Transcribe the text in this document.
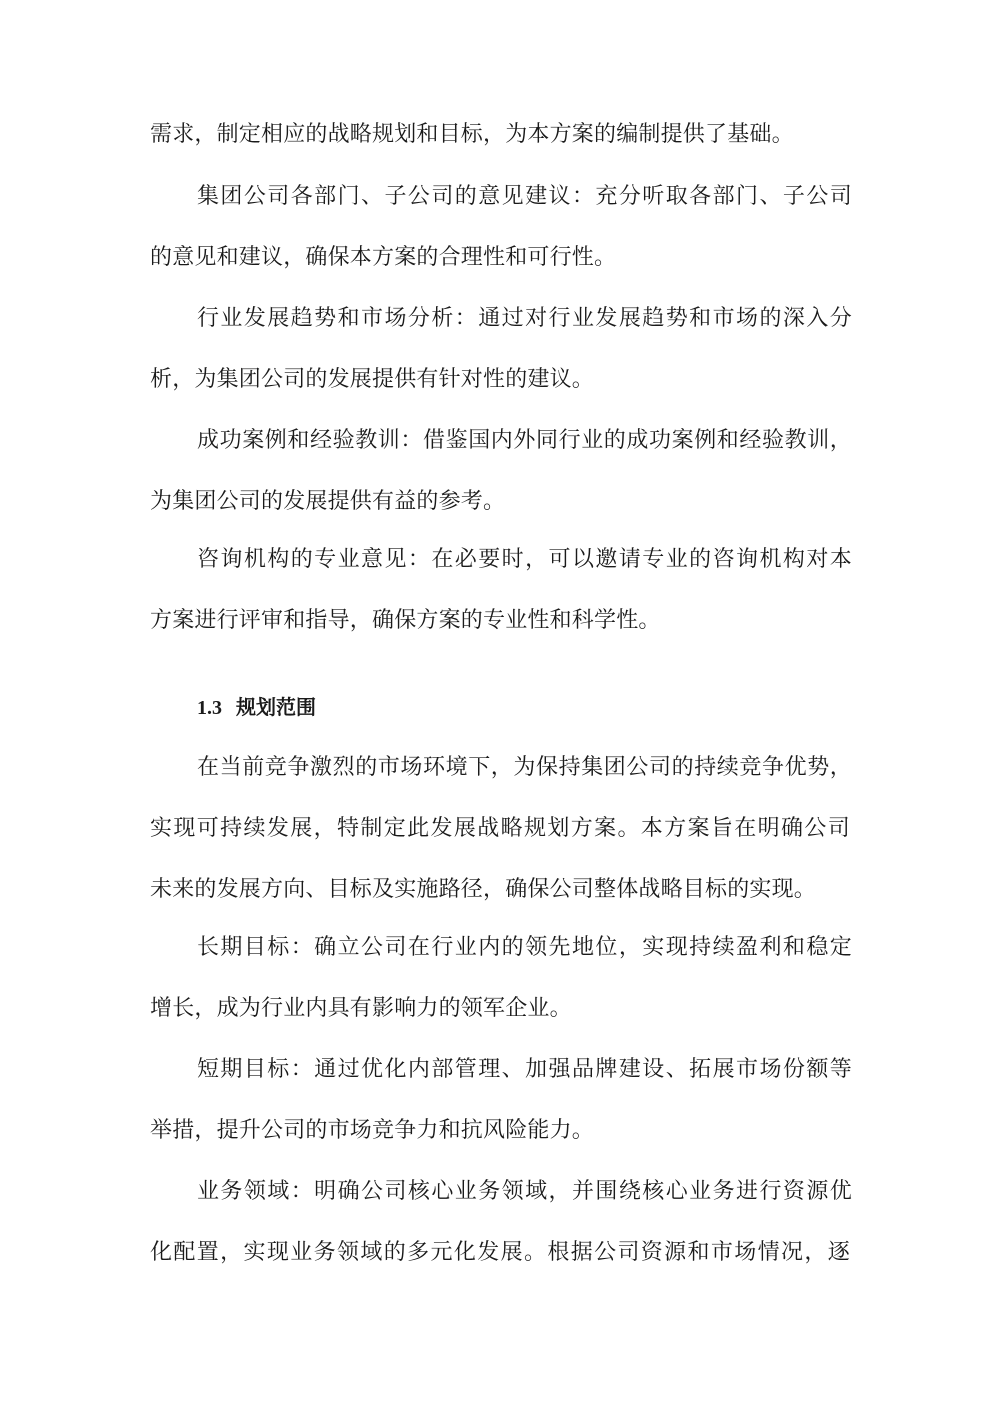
需求，制定相应的战略规划和目标，为本方案的编制提供了基础。
集团公司各部门、子公司的意见建议：充分听取各部门、子公司
的意见和建议，确保本方案的合理性和可行性。
行业发展趋势和市场分析：通过对行业发展趋势和市场的深入分
析，为集团公司的发展提供有针对性的建议。
成功案例和经验教训：借鉴国内外同行业的成功案例和经验教训，
为集团公司的发展提供有益的参考。
咨询机构的专业意见：在必要时，可以邀请专业的咨询机构对本
方案进行评审和指导，确保方案的专业性和科学性。
1.3 规划范围
在当前竞争激烈的市场环境下，为保持集团公司的持续竞争优势，
实现可持续发展，特制定此发展战略规划方案。本方案旨在明确公司
未来的发展方向、目标及实施路径，确保公司整体战略目标的实现。
长期目标：确立公司在行业内的领先地位，实现持续盈利和稳定
增长，成为行业内具有影响力的领军企业。
短期目标：通过优化内部管理、加强品牌建设、拓展市场份额等
举措，提升公司的市场竞争力和抗风险能力。
业务领域：明确公司核心业务领域，并围绕核心业务进行资源优
化配置，实现业务领域的多元化发展。根据公司资源和市场情况，逐
